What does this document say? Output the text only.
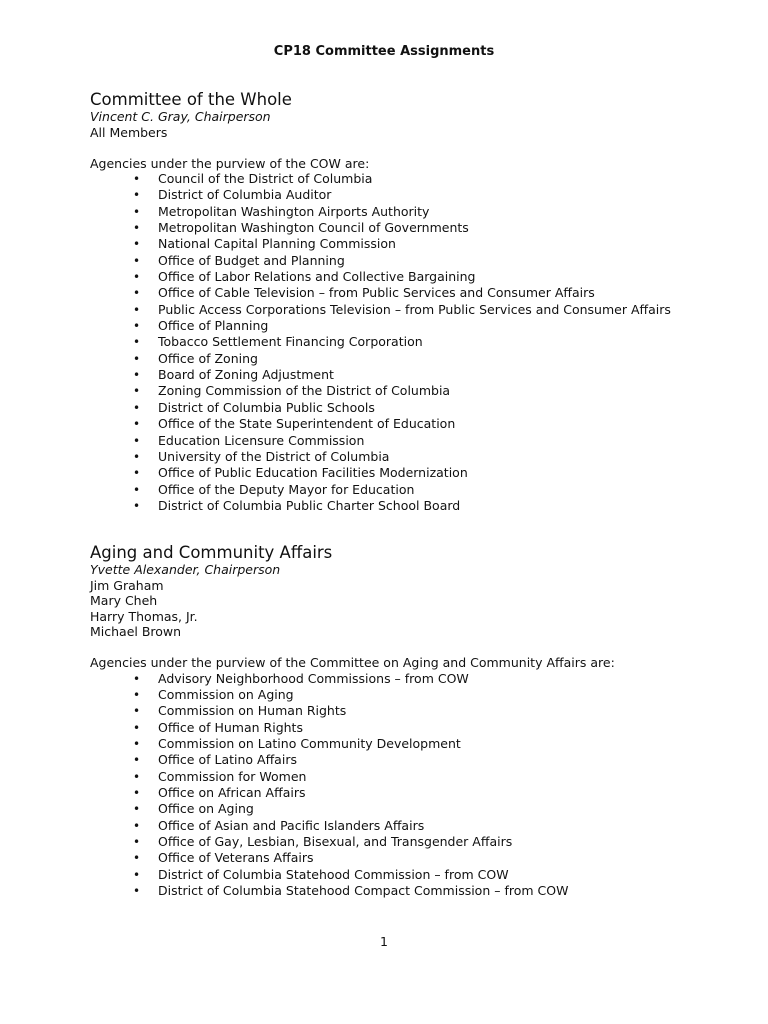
CP18 Committee Assignments
Committee of the Whole
Vincent C. Gray, Chairperson
All Members
Agencies under the purview of the COW are:
• Council of the District of Columbia
• District of Columbia Auditor
• Metropolitan Washington Airports Authority
• Metropolitan Washington Council of Governments
• National Capital Planning Commission
• Office of Budget and Planning
• Office of Labor Relations and Collective Bargaining
• Office of Cable Television – from Public Services and Consumer Affairs
• Public Access Corporations Television – from Public Services and Consumer Affairs
• Office of Planning
• Tobacco Settlement Financing Corporation
• Office of Zoning
• Board of Zoning Adjustment
• Zoning Commission of the District of Columbia
• District of Columbia Public Schools
• Office of the State Superintendent of Education
• Education Licensure Commission
• University of the District of Columbia
• Office of Public Education Facilities Modernization
• Office of the Deputy Mayor for Education
• District of Columbia Public Charter School Board
Aging and Community Affairs
Yvette Alexander, Chairperson
Jim Graham
Mary Cheh
Harry Thomas, Jr.
Michael Brown
Agencies under the purview of the Committee on Aging and Community Affairs are:
• Advisory Neighborhood Commissions – from COW
• Commission on Aging
• Commission on Human Rights
• Office of Human Rights
• Commission on Latino Community Development
• Office of Latino Affairs
• Commission for Women
• Office on African Affairs
• Office on Aging
• Office of Asian and Pacific Islanders Affairs
• Office of Gay, Lesbian, Bisexual, and Transgender Affairs
• Office of Veterans Affairs
• District of Columbia Statehood Commission – from COW
• District of Columbia Statehood Compact Commission – from COW
1
